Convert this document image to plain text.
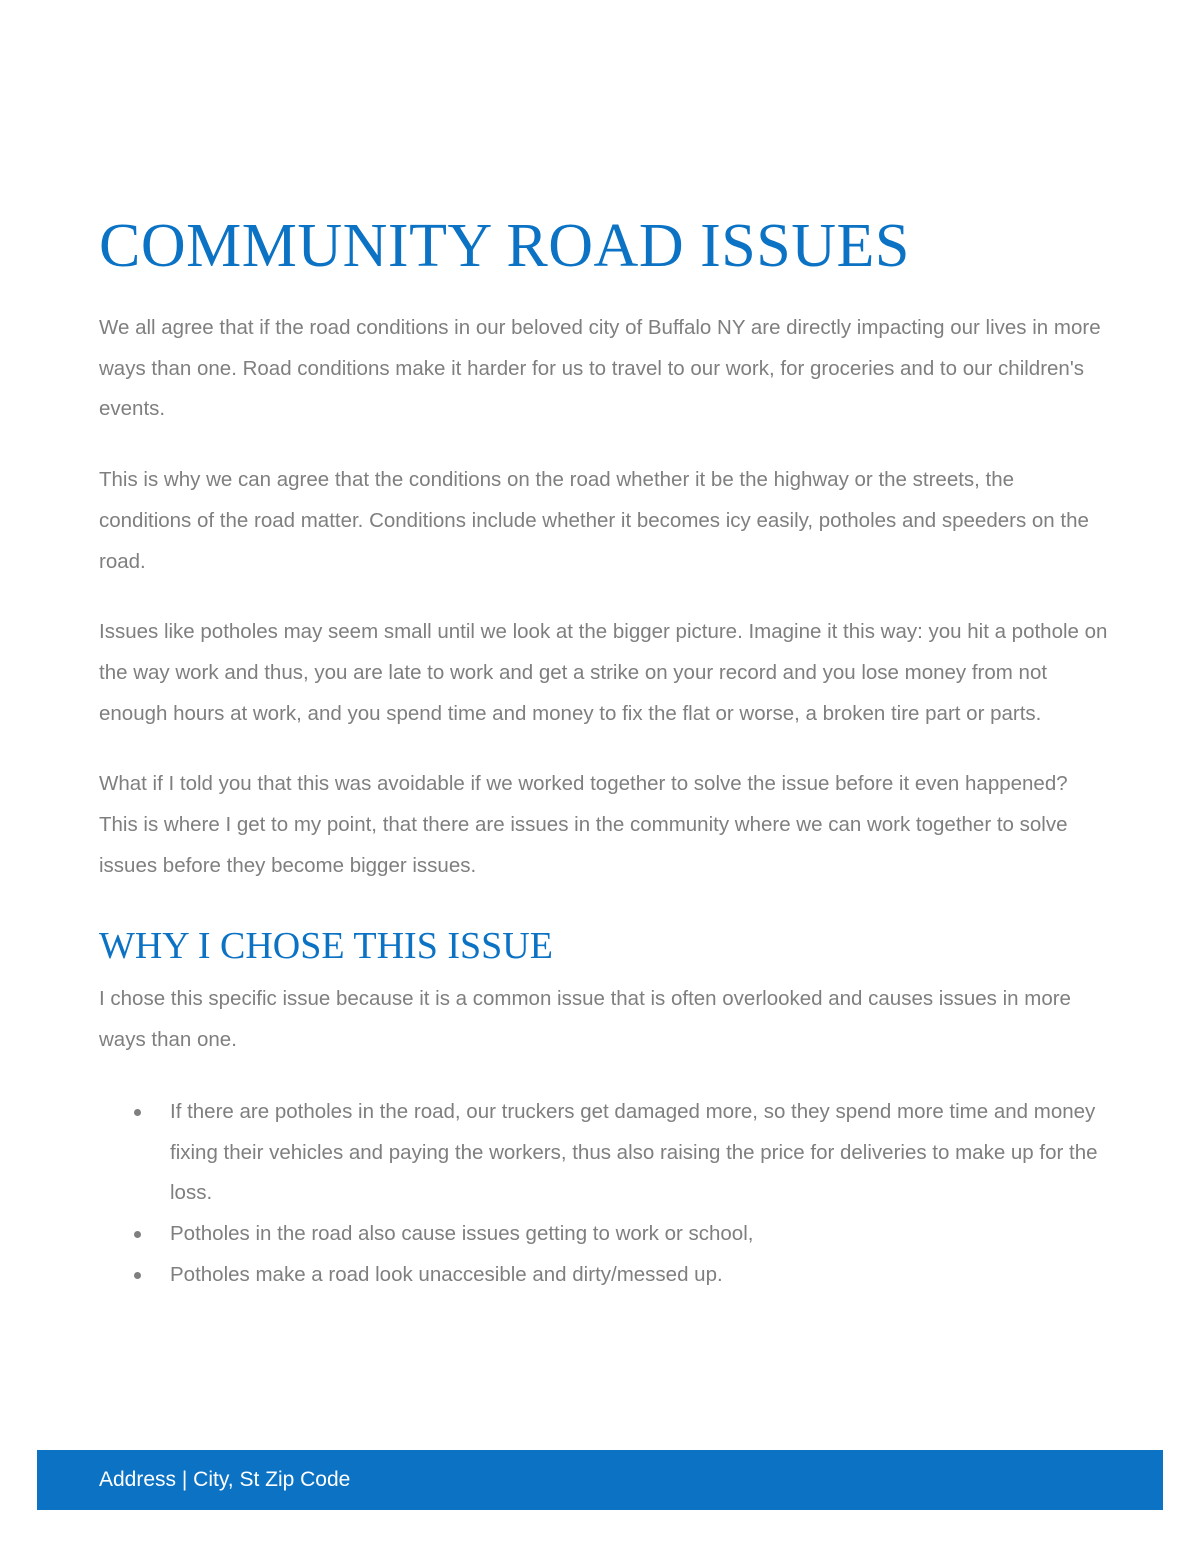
COMMUNITY ROAD ISSUES

We all agree that if the road conditions in our beloved city of Buffalo NY are directly impacting our lives in more ways than one. Road conditions make it harder for us to travel to our work, for groceries and to our children's events.

This is why we can agree that the conditions on the road whether it be the highway or the streets, the conditions of the road matter. Conditions include whether it becomes icy easily, potholes and speeders on the road.

Issues like potholes may seem small until we look at the bigger picture. Imagine it this way: you hit a pothole on the way work and thus, you are late to work and get a strike on your record and you lose money from not enough hours at work, and you spend time and money to fix the flat or worse, a broken tire part or parts.

What if I told you that this was avoidable if we worked together to solve the issue before it even happened? This is where I get to my point, that there are issues in the community where we can work together to solve issues before they become bigger issues.

WHY I CHOSE THIS ISSUE

I chose this specific issue because it is a common issue that is often overlooked and causes issues in more ways than one.

If there are potholes in the road, our truckers get damaged more, so they spend more time and money fixing their vehicles and paying the workers, thus also raising the price for deliveries to make up for the loss.
Potholes in the road also cause issues getting to work or school,
Potholes make a road look unaccesible and dirty/messed up.
Address | City, St Zip Code
